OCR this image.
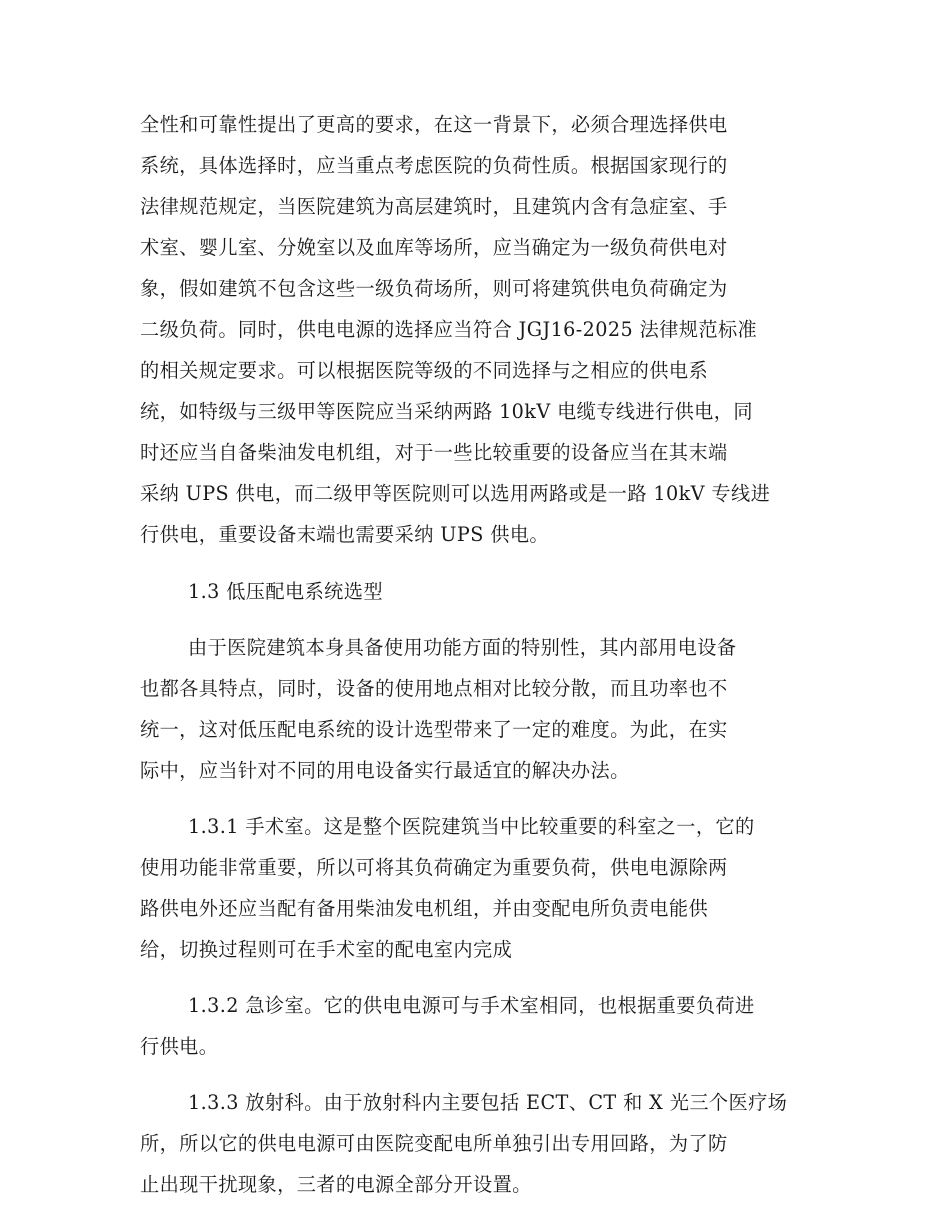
全性和可靠性提出了更高的要求，在这一背景下，必须合理选择供电
系统，具体选择时，应当重点考虑医院的负荷性质。根据国家现行的
法律规范规定，当医院建筑为高层建筑时，且建筑内含有急症室、手
术室、婴儿室、分娩室以及血库等场所，应当确定为一级负荷供电对
象，假如建筑不包含这些一级负荷场所，则可将建筑供电负荷确定为
二级负荷。同时，供电电源的选择应当符合 JGJ16-2025 法律规范标准
的相关规定要求。可以根据医院等级的不同选择与之相应的供电系
统，如特级与三级甲等医院应当采纳两路 10kV 电缆专线进行供电，同
时还应当自备柴油发电机组，对于一些比较重要的设备应当在其末端
采纳 UPS 供电，而二级甲等医院则可以选用两路或是一路 10kV 专线进
行供电，重要设备末端也需要采纳 UPS 供电。
1.3 低压配电系统选型
由于医院建筑本身具备使用功能方面的特别性，其内部用电设备
也都各具特点，同时，设备的使用地点相对比较分散，而且功率也不
统一，这对低压配电系统的设计选型带来了一定的难度。为此，在实
际中，应当针对不同的用电设备实行最适宜的解决办法。
1.3.1 手术室。这是整个医院建筑当中比较重要的科室之一，它的
使用功能非常重要，所以可将其负荷确定为重要负荷，供电电源除两
路供电外还应当配有备用柴油发电机组，并由变配电所负责电能供
给，切换过程则可在手术室的配电室内完成
1.3.2 急诊室。它的供电电源可与手术室相同，也根据重要负荷进
行供电。
1.3.3 放射科。由于放射科内主要包括 ECT、CT 和 X 光三个医疗场
所，所以它的供电电源可由医院变配电所单独引出专用回路，为了防
止出现干扰现象，三者的电源全部分开设置。
